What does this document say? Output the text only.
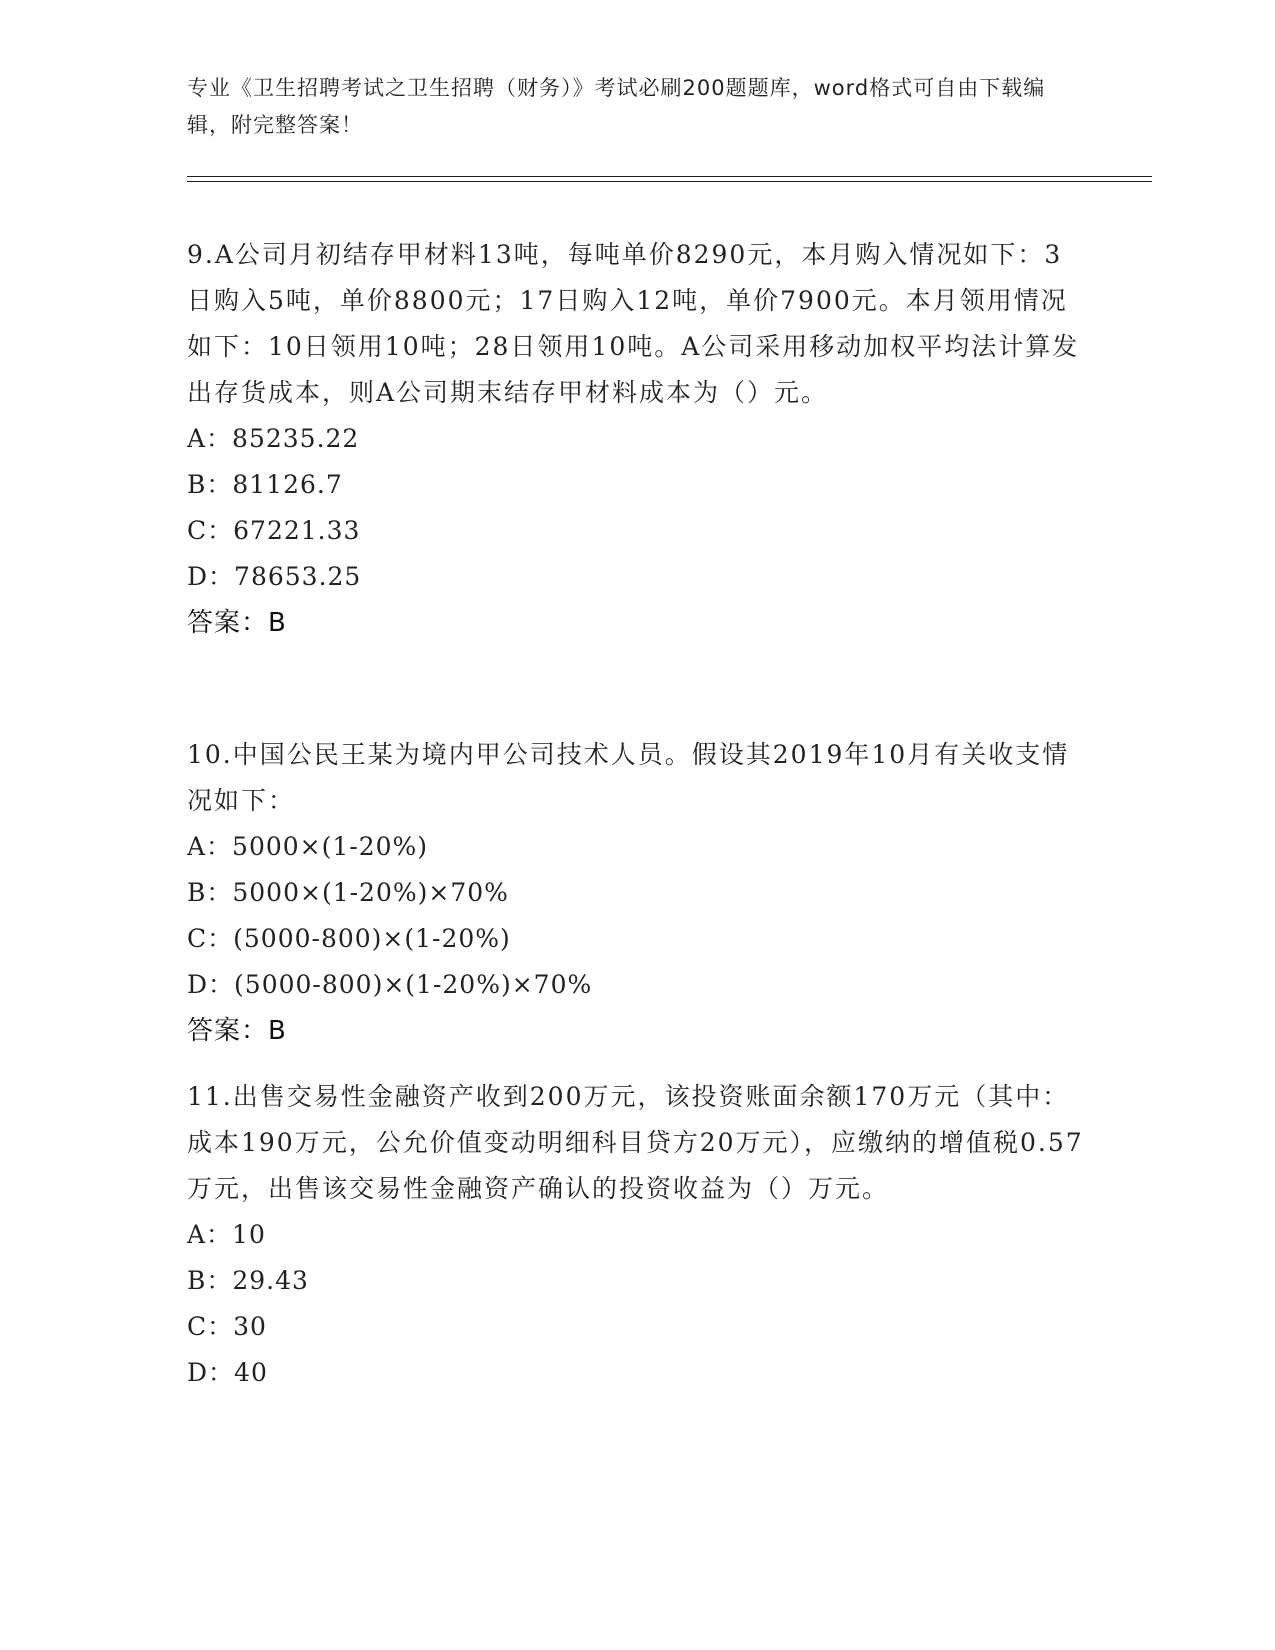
专业《卫生招聘考试之卫生招聘（财务）》考试必刷200题题库，word格式可自由下载编辑，附完整答案！

9.A公司月初结存甲材料13吨，每吨单价8290元，本月购入情况如下：3日购入5吨，单价8800元；17日购入12吨，单价7900元。本月领用情况如下：10日领用10吨；28日领用10吨。A公司采用移动加权平均法计算发出存货成本，则A公司期末结存甲材料成本为（）元。

A：85235.22
B：81126.7
C：67221.33
D：78653.25
答案：B

10.中国公民王某为境内甲公司技术人员。假设其2019年10月有关收支情况如下：

A：5000×(1-20%)
B：5000×(1-20%)×70%
C：(5000-800)×(1-20%)
D：(5000-800)×(1-20%)×70%
答案：B

11.出售交易性金融资产收到200万元，该投资账面余额170万元（其中：成本190万元，公允价值变动明细科目贷方20万元），应缴纳的增值税0.57万元，出售该交易性金融资产确认的投资收益为（）万元。

A：10
B：29.43
C：30
D：40
